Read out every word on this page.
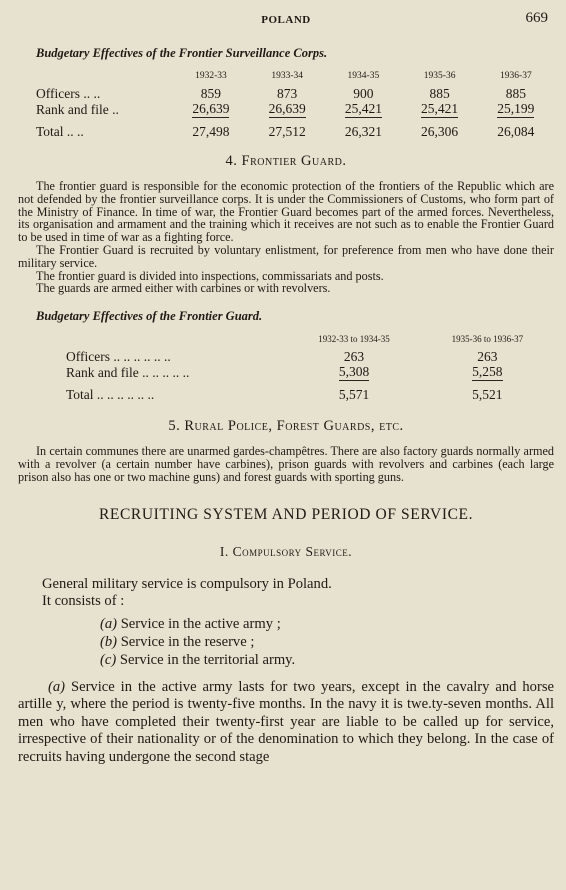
POLAND	669
Budgetary Effectives of the Frontier Surveillance Corps.
	1932-33	1933-34	1934-35	1935-36	1936-37
Officers .. ..	859	873	900	885	885
Rank and file ..	26,639	26,639	25,421	25,421	25,199
Total .. ..	27,498	27,512	26,321	26,306	26,084
4. Frontier Guard.

The frontier guard is responsible for the economic protection of the frontiers of the Republic which are not defended by the frontier surveillance corps. It is under the Commissioners of Customs, who form part of the Ministry of Finance. In time of war, the Frontier Guard becomes part of the armed forces. Nevertheless, its organisation and armament and the training which it receives are not such as to enable the Frontier Guard to be used in time of war as a fighting force.

The Frontier Guard is recruited by voluntary enlistment, for preference from men who have done their military service.

The frontier guard is divided into inspections, commissariats and posts.

The guards are armed either with carbines or with revolvers.

Budgetary Effectives of the Frontier Guard.
	1932-33 to 1934-35	1935-36 to 1936-37
Officers .. .. .. .. .. ..	263	263
Rank and file .. .. .. .. ..	5,308	5,258
Total .. .. .. .. .. ..	5,571	5,521
5. Rural Police, Forest Guards, etc.

In certain communes there are unarmed gardes-champêtres. There are also factory guards normally armed with a revolver (a certain number have carbines), prison guards with revolvers and carbines (each large prison also has one or two machine guns) and forest guards with sporting guns.

RECRUITING SYSTEM AND PERIOD OF SERVICE.
I. Compulsory Service.

General military service is compulsory in Poland.

It consists of :

(a) Service in the active army ;
(b) Service in the reserve ;
(c) Service in the territorial army.

(a) Service in the active army lasts for two years, except in the cavalry and horse artille y, where the period is twenty-five months. In the navy it is twe.ty-seven months. All men who have completed their twenty-first year are liable to be called up for service, irrespective of their nationality or of the denomination to which they belong. In the case of recruits having undergone the second stage
